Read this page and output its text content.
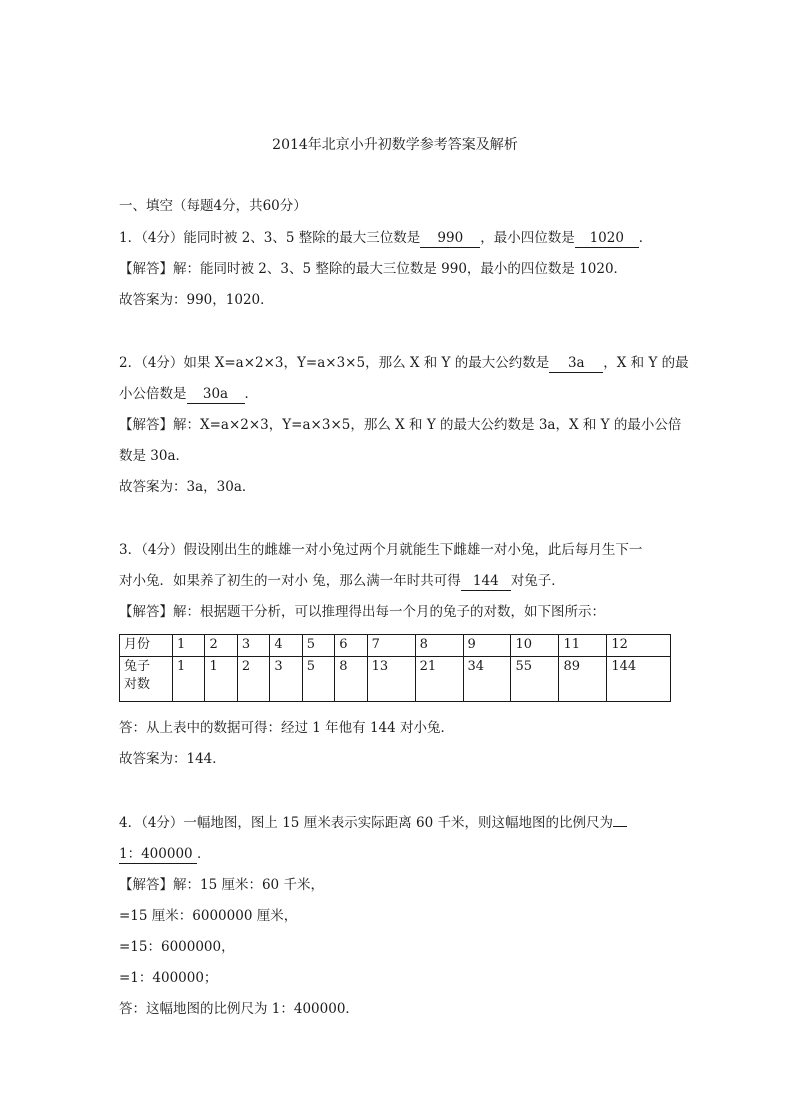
2014年北京小升初数学参考答案及解析
一、填空（每题4分，共60分）
1．（4分）能同时被 2、3、5 整除的最大三位数是 990 ，最小四位数是 1020 ．
【解答】解：能同时被 2、3、5 整除的最大三位数是 990，最小的四位数是 1020．
故答案为：990，1020．
2．（4分）如果 X=a×2×3，Y=a×3×5，那么 X 和 Y 的最大公约数是 3a ，X 和 Y 的最
小公倍数是 30a ．
【解答】解：X=a×2×3，Y=a×3×5，那么 X 和 Y 的最大公约数是 3a，X 和 Y 的最小公倍
数是 30a．
故答案为：3a，30a．
3．（4分）假设刚出生的雌雄一对小兔过两个月就能生下雌雄一对小兔，此后每月生下一
对小兔．如果养了初生的一对小 兔，那么满一年时共可得 144 对兔子．
【解答】解：根据题干分析，可以推理得出每一个月的兔子的对数，如下图所示：
月份	1	2	3	4	5	6	7	8	9	10	11	12
兔子
对数	1	1	2	3	5	8	13	21	34	55	89	144
答：从上表中的数据可得：经过 1 年他有 144 对小兔．
故答案为：144．
4．（4分）一幅地图，图上 15 厘米表示实际距离 60 千米，则这幅地图的比例尺为
1：400000 ．
【解答】解：15 厘米：60 千米，
=15 厘米：6000000 厘米，
=15：6000000，
=1：400000；
答：这幅地图的比例尺为 1：400000．
